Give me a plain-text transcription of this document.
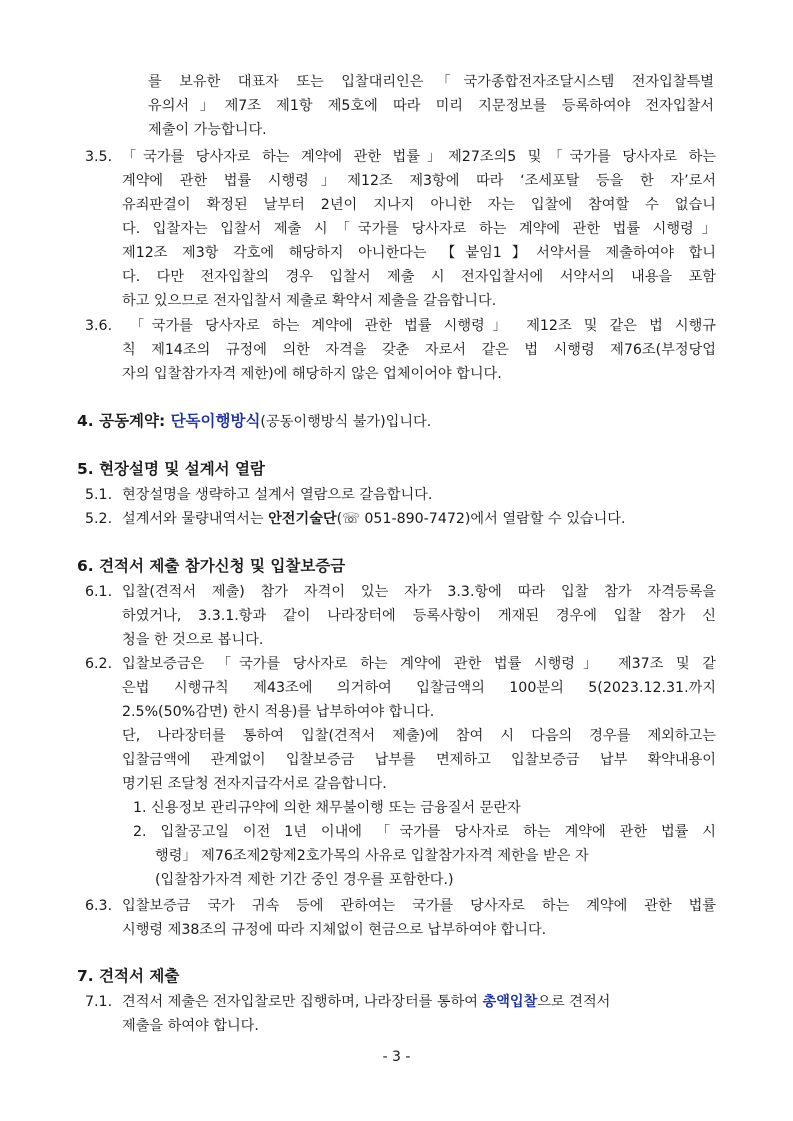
를 보유한 대표자 또는 입찰대리인은「국가종합전자조달시스템 전자입찰특별
유의서」제7조 제1항 제5호에 따라 미리 지문정보를 등록하여야 전자입찰서
제출이 가능합니다.
3.5. 「국가를 당사자로 하는 계약에 관한 법률」제27조의5 및「국가를 당사자로 하는
계약에 관한 법률 시행령」제12조 제3항에 따라 ‘조세포탈 등을 한 자’로서
유죄판결이 확정된 날부터 2년이 지나지 아니한 자는 입찰에 참여할 수 없습니
다. 입찰자는 입찰서 제출 시「국가를 당사자로 하는 계약에 관한 법률 시행령」
제12조 제3항 각호에 해당하지 아니한다는 【붙임1】서약서를 제출하여야 합니
다. 다만 전자입찰의 경우 입찰서 제출 시 전자입찰서에 서약서의 내용을 포함
하고 있으므로 전자입찰서 제출로 확약서 제출을 갈음합니다.
3.6. 「국가를 당사자로 하는 계약에 관한 법률 시행령」 제12조 및 같은 법 시행규
칙 제14조의 규정에 의한 자격을 갖춘 자로서 같은 법 시행령 제76조(부정당업
자의 입찰참가자격 제한)에 해당하지 않은 업체이어야 합니다.
4. 공동계약: 단독이행방식(공동이행방식 불가)입니다.
5. 현장설명 및 설계서 열람
5.1. 현장설명을 생략하고 설계서 열람으로 갈음합니다.
5.2. 설계서와 물량내역서는 안전기술단(☏ 051-890-7472)에서 열람할 수 있습니다.
6. 견적서 제출 참가신청 및 입찰보증금
6.1. 입찰(견적서 제출) 참가 자격이 있는 자가 3.3.항에 따라 입찰 참가 자격등록을
하였거나, 3.3.1.항과 같이 나라장터에 등록사항이 게재된 경우에 입찰 참가 신
청을 한 것으로 봅니다.
6.2. 입찰보증금은 「국가를 당사자로 하는 계약에 관한 법률 시행령」 제37조 및 같
은법 시행규칙 제43조에 의거하여 입찰금액의 100분의 5(2023.12.31.까지
2.5%(50%감면) 한시 적용)를 납부하여야 합니다.
단, 나라장터를 통하여 입찰(견적서 제출)에 참여 시 다음의 경우를 제외하고는
입찰금액에 관계없이 입찰보증금 납부를 면제하고 입찰보증금 납부 확약내용이
명기된 조달청 전자지급각서로 갈음합니다.
1. 신용정보 관리규약에 의한 채무불이행 또는 금융질서 문란자
2. 입찰공고일 이전 1년 이내에 「국가를 당사자로 하는 계약에 관한 법률 시
행령」 제76조제2항제2호가목의 사유로 입찰참가자격 제한을 받은 자
(입찰참가자격 제한 기간 중인 경우를 포함한다.)
6.3. 입찰보증금 국가 귀속 등에 관하여는 국가를 당사자로 하는 계약에 관한 법률
시행령 제38조의 규정에 따라 지체없이 현금으로 납부하여야 합니다.
7. 견적서 제출
7.1. 견적서 제출은 전자입찰로만 집행하며, 나라장터를 통하여 총액입찰으로 견적서
제출을 하여야 합니다.
- 3 -
